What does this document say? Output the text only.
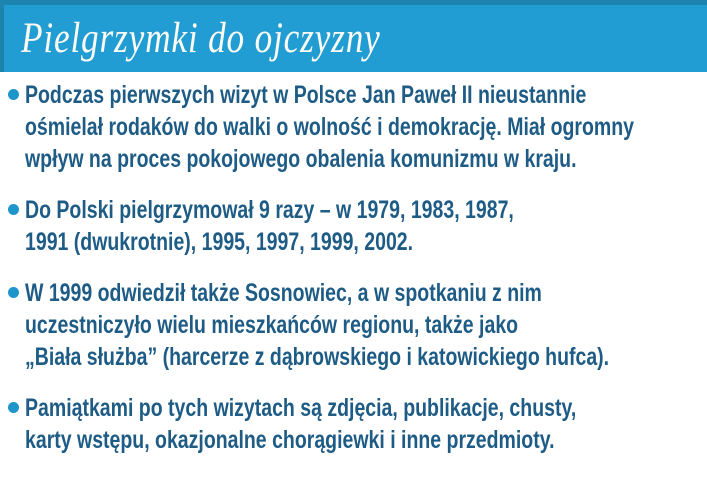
Pielgrzymki do ojczyzny
Podczas pierwszych wizyt w Polsce Jan Paweł II nieustannie
ośmielał rodaków do walki o wolność i demokrację. Miał ogromny
wpływ na proces pokojowego obalenia komunizmu w kraju.
Do Polski pielgrzymował 9 razy – w 1979, 1983, 1987,
1991 (dwukrotnie), 1995, 1997, 1999, 2002.
W 1999 odwiedził także Sosnowiec, a w spotkaniu z nim
uczestniczyło wielu mieszkańców regionu, także jako
„Biała służba” (harcerze z dąbrowskiego i katowickiego hufca).
Pamiątkami po tych wizytach są zdjęcia, publikacje, chusty,
karty wstępu, okazjonalne chorągiewki i inne przedmioty.
